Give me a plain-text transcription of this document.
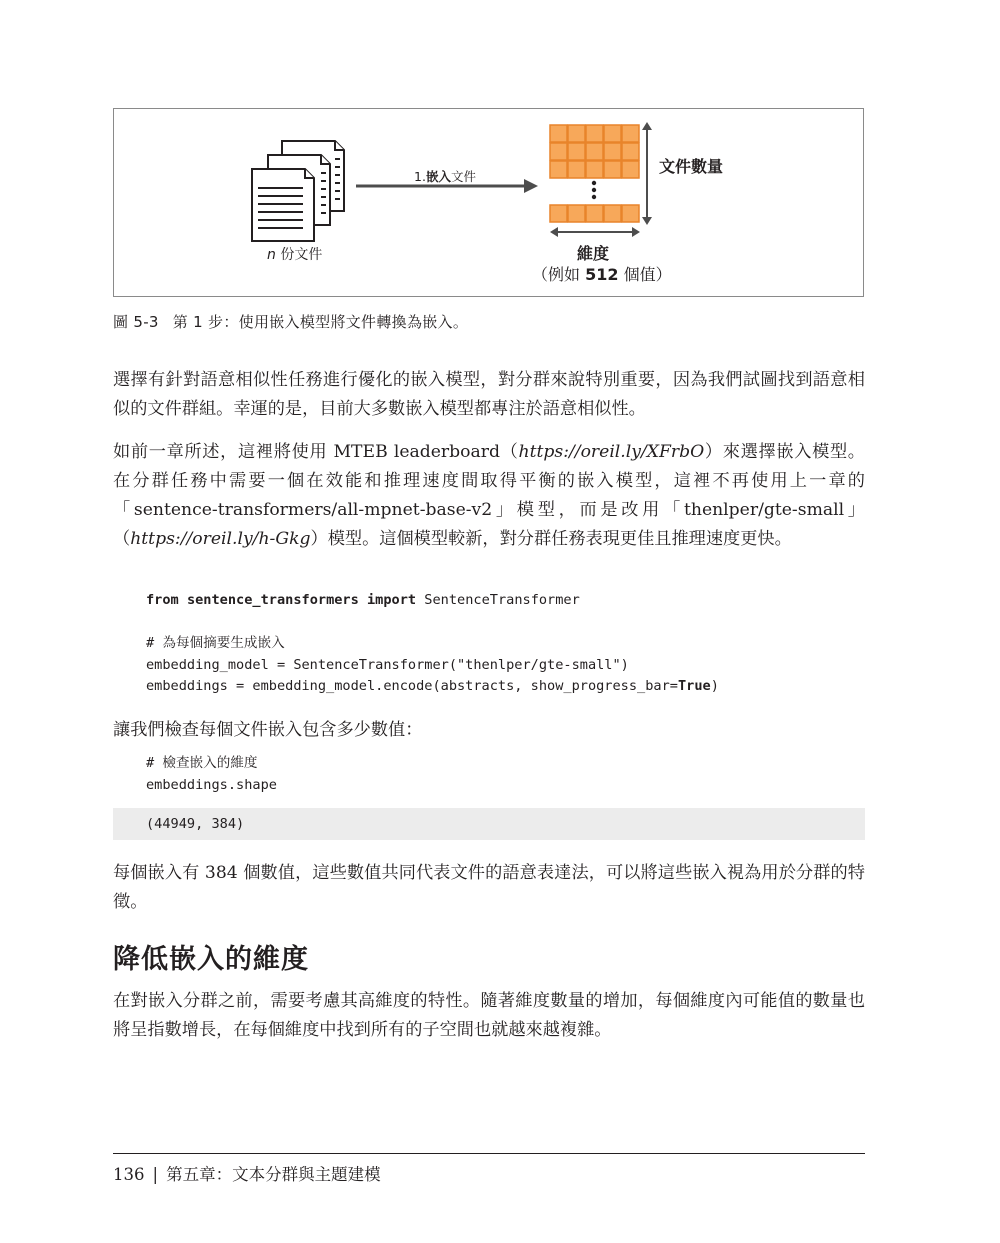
1.嵌入文件
n 份文件
文件數量
維度
（例如 512 個值）
圖 5-3 第 1 步：使用嵌入模型將文件轉換為嵌入。
選擇有針對語意相似性任務進行優化的嵌入模型，對分群來說特別重要，因為我們試圖找到語意相似的文件群組。幸運的是，目前大多數嵌入模型都專注於語意相似性。
如前一章所述，這裡將使用 MTEB leaderboard（https://oreil.ly/XFrbO）來選擇嵌入模型。在分群任務中需要一個在效能和推理速度間取得平衡的嵌入模型，這裡不再使用上一章的「sentence-transformers/all-mpnet-base-v2」模型，而是改用「thenlper/gte-small」（https://oreil.ly/h-Gkg）模型。這個模型較新，對分群任務表現更佳且推理速度更快。
from sentence_transformers import SentenceTransformer

# 為每個摘要生成嵌入
embedding_model = SentenceTransformer("thenlper/gte-small")
embeddings = embedding_model.encode(abstracts, show_progress_bar=True)
讓我們檢查每個文件嵌入包含多少數值：
# 檢查嵌入的維度
embeddings.shape
(44949, 384)
每個嵌入有 384 個數值，這些數值共同代表文件的語意表達法，可以將這些嵌入視為用於分群的特徵。
降低嵌入的維度
在對嵌入分群之前，需要考慮其高維度的特性。隨著維度數量的增加，每個維度內可能值的數量也將呈指數增長，在每個維度中找到所有的子空間也就越來越複雜。
136 | 第五章：文本分群與主題建模
